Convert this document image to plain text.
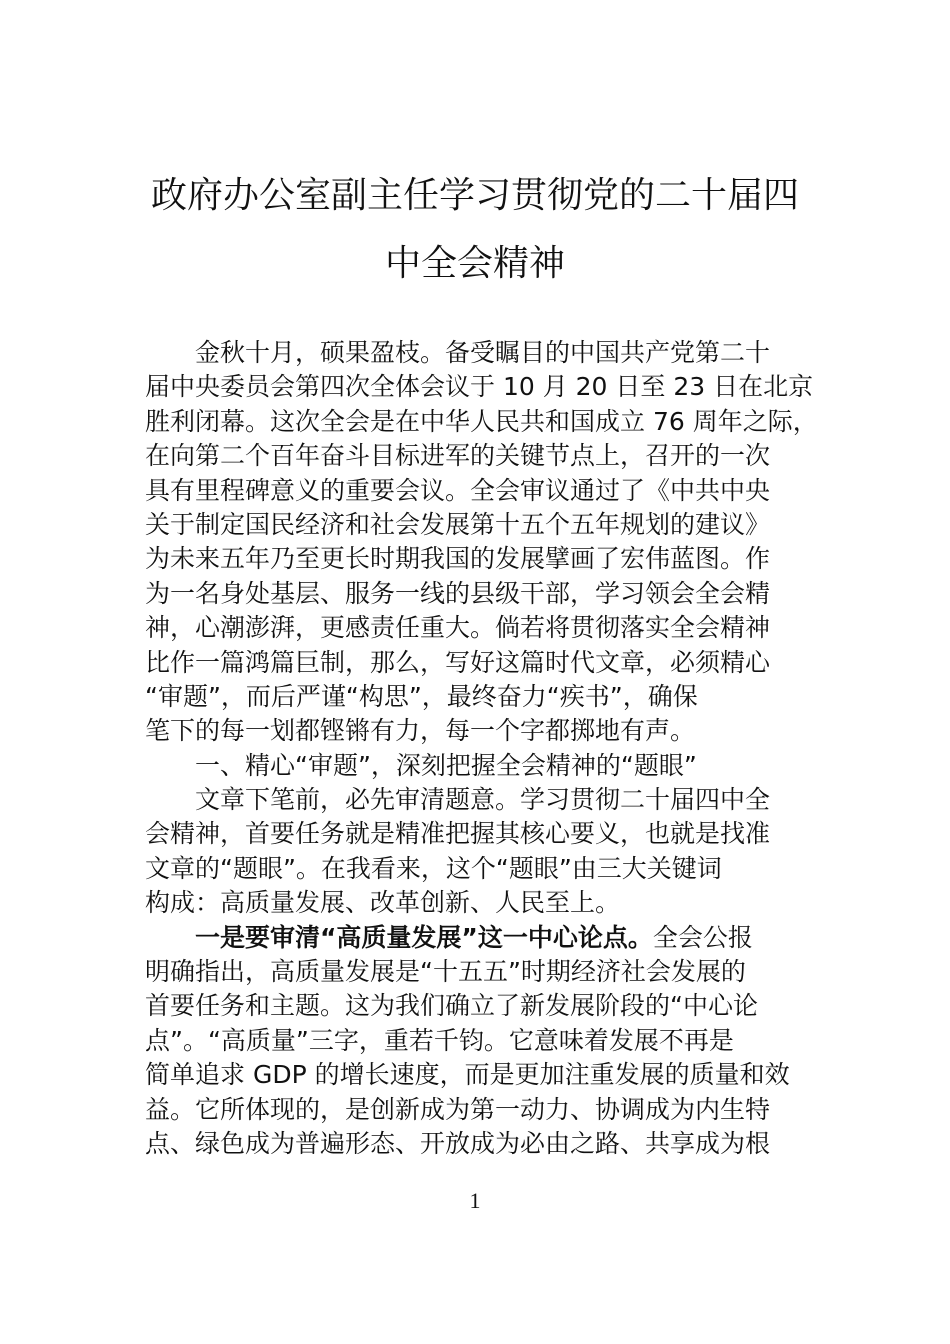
政府办公室副主任学习贯彻党的二十届四
中全会精神
金秋十月，硕果盈枝。备受瞩目的中国共产党第二十
届中央委员会第四次全体会议于 10 月 20 日至 23 日在北京
胜利闭幕。这次全会是在中华人民共和国成立 76 周年之际，
在向第二个百年奋斗目标进军的关键节点上，召开的一次
具有里程碑意义的重要会议。全会审议通过了《中共中央
关于制定国民经济和社会发展第十五个五年规划的建议》
为未来五年乃至更长时期我国的发展擘画了宏伟蓝图。作
为一名身处基层、服务一线的县级干部，学习领会全会精
神，心潮澎湃，更感责任重大。倘若将贯彻落实全会精神
比作一篇鸿篇巨制，那么，写好这篇时代文章，必须精心
“审题”，而后严谨“构思”，最终奋力“疾书”，确保
笔下的每一划都铿锵有力，每一个字都掷地有声。
一、精心“审题”，深刻把握全会精神的“题眼”
文章下笔前，必先审清题意。学习贯彻二十届四中全
会精神，首要任务就是精准把握其核心要义，也就是找准
文章的“题眼”。在我看来，这个“题眼”由三大关键词
构成：高质量发展、改革创新、人民至上。
一是要审清“高质量发展”这一中心论点。全会公报
明确指出，高质量发展是“十五五”时期经济社会发展的
首要任务和主题。这为我们确立了新发展阶段的“中心论
点”。“高质量”三字，重若千钧。它意味着发展不再是
简单追求 GDP 的增长速度，而是更加注重发展的质量和效
益。它所体现的，是创新成为第一动力、协调成为内生特
点、绿色成为普遍形态、开放成为必由之路、共享成为根
1
